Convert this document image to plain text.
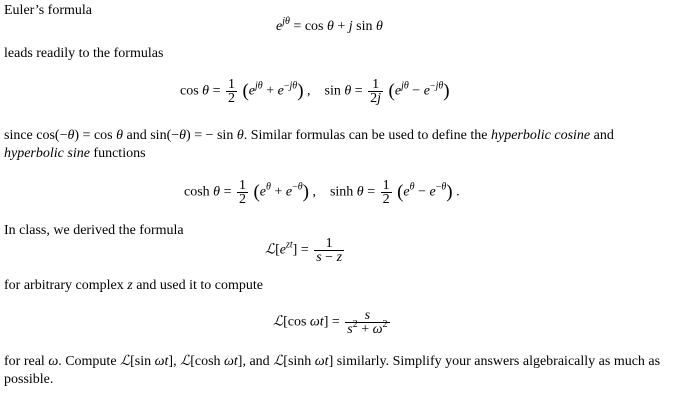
Euler’s formula
$e^{j\theta} = \cos \theta + j$ sin θ
leads readily to the formulas
$\cos \theta = \frac{1}{2} (e^{j\theta} + e^{-j\theta})$ ,    $\sin \theta = \frac{1}{2j} (e^{j\theta} - e^{-j\theta})$
since cos(−θ) = cos θ and sin(−θ) = − sin θ. Similar formulas can be used to define the hyperbolic cosine and hyperbolic sine functions
$\cosh \theta = \frac{1}{2} (e^\theta + e^{-\theta})$ ,    $\sinh \theta = \frac{1}{2} (e^\theta - e^{-\theta})$ .
In class, we derived the formula
$ℒ[e^{zt}] = \frac{1}{s - z}$
for arbitrary complex z and used it to compute
ℒ[cos $\omega t] = \frac{s}{s^2 + \omega^2}$
for real ω. Compute ℒ[sin ωt], ℒ[cosh ωt], and ℒ[sinh ωt] similarly. Simplify your answers algebraically as much as possible.
